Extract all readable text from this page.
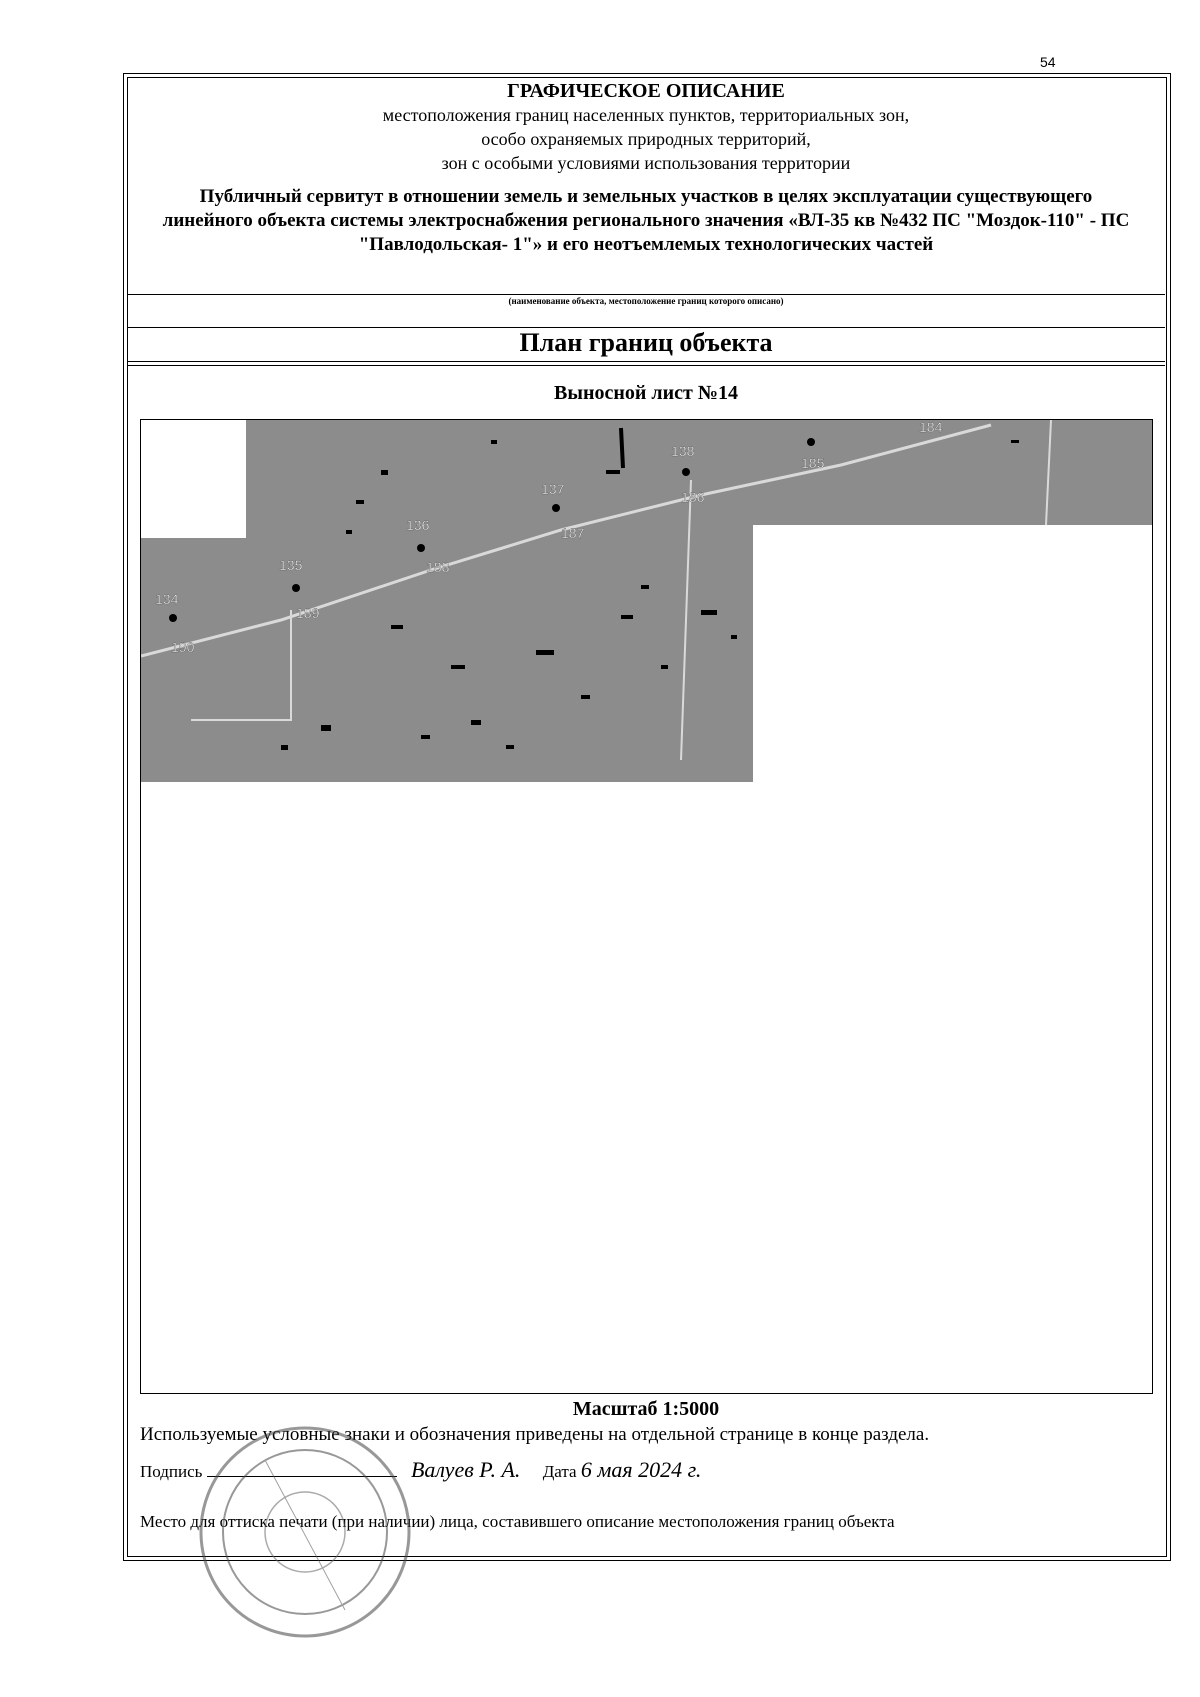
54
ГРАФИЧЕСКОЕ ОПИСАНИЕ
местоположения границ населенных пунктов, территориальных зон,
особо охраняемых природных территорий,
зон с особыми условиями использования территории
Публичный сервитут в отношении земель и земельных участков в целях эксплуатации существующего линейного объекта системы электроснабжения регионального значения «ВЛ-35 кв №432 ПС "Моздок-110" - ПС "Павлодольская- 1"» и его неотъемлемых технологических частей
(наименование объекта, местоположение границ которого описано)
План границ объекта
Выносной лист №14
184
185
186
187
188
189
190
134
135
136
137
138
Масштаб 1:5000
Используемые условные знаки и обозначения приведены на отдельной странице в конце раздела.
Подпись	Валуев Р. А. Дата 6 мая 2024 г.
Место для оттиска печати (при наличии) лица, составившего описание местоположения границ объекта
